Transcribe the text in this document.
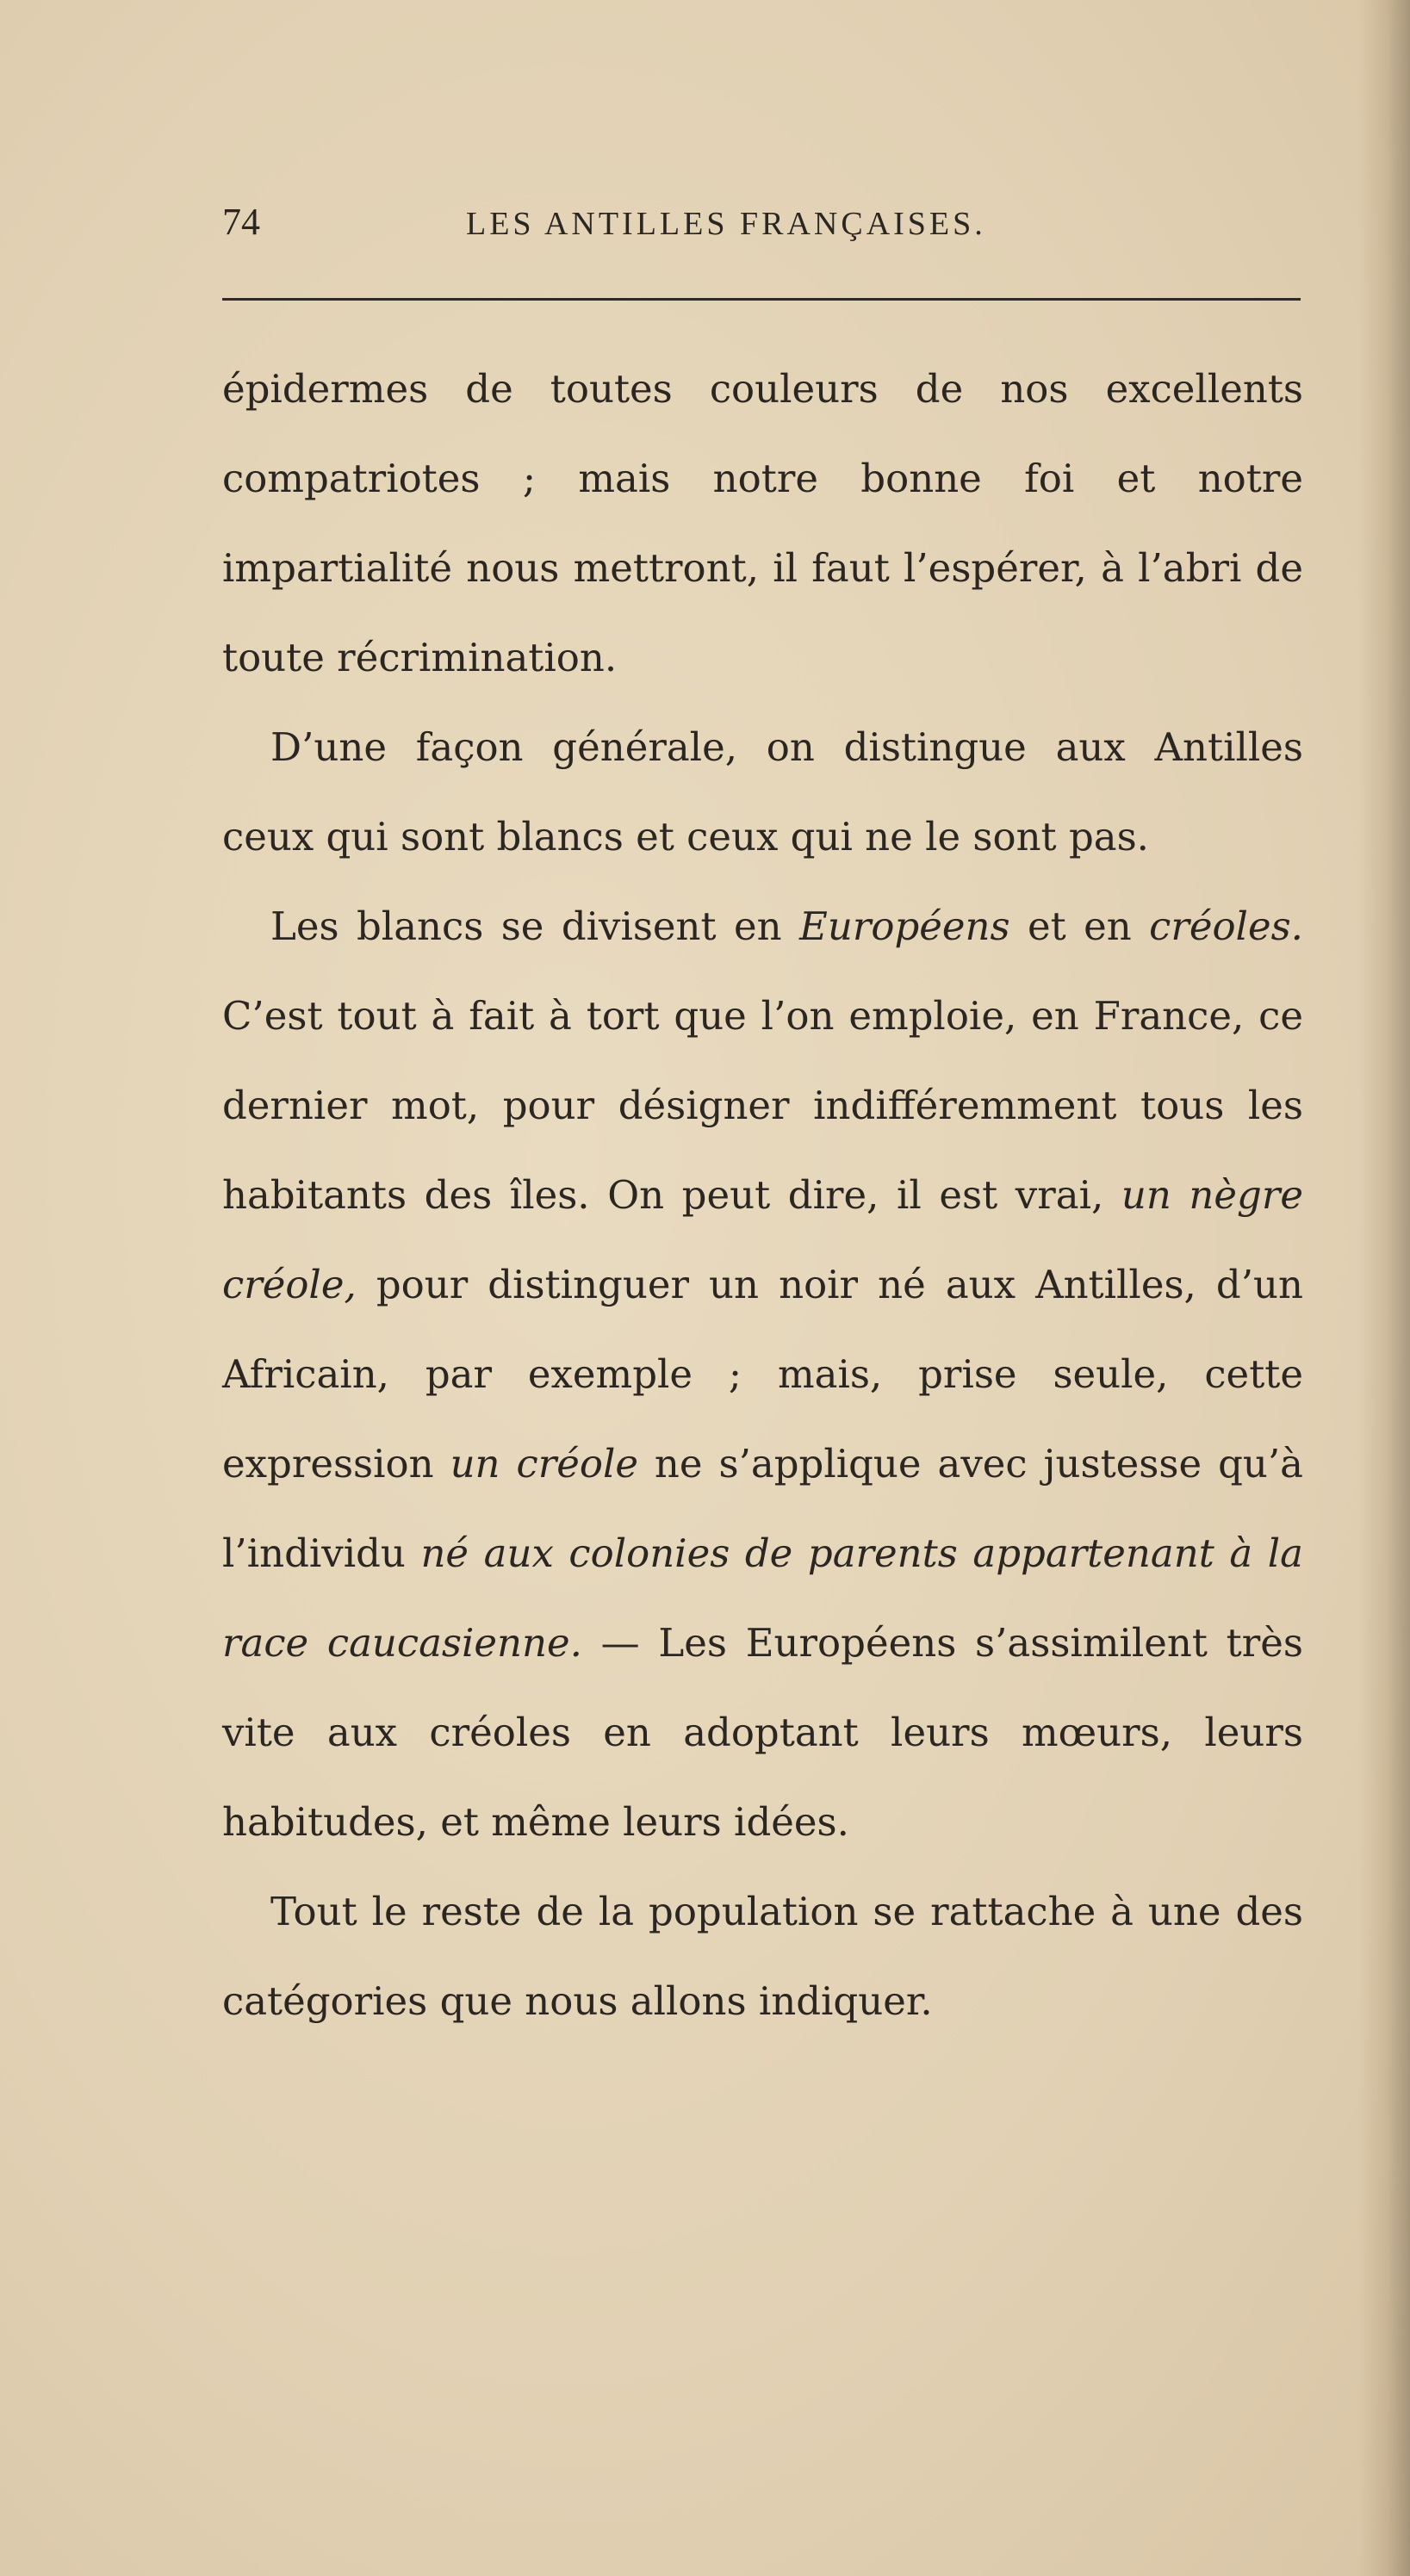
74	LES ANTILLES FRANÇAISES.

épidermes de toutes couleurs de nos excellents compatriotes ; mais notre bonne foi et notre impartialité nous mettront, il faut l’espérer, à l’abri de toute récrimination.

D’une façon générale, on distingue aux Antilles ceux qui sont blancs et ceux qui ne le sont pas.

Les blancs se divisent en Européens et en créoles. C’est tout à fait à tort que l’on emploie, en France, ce dernier mot, pour désigner indifféremment tous les habitants des îles. On peut dire, il est vrai, un nègre créole, pour distinguer un noir né aux Antilles, d’un Africain, par exemple ; mais, prise seule, cette expression un créole ne s’applique avec justesse qu’à l’individu né aux colonies de parents appartenant à la race caucasienne. — Les Européens s’assimilent très vite aux créoles en adoptant leurs mœurs, leurs habitudes, et même leurs idées.

Tout le reste de la population se rattache à une des catégories que nous allons indiquer.
